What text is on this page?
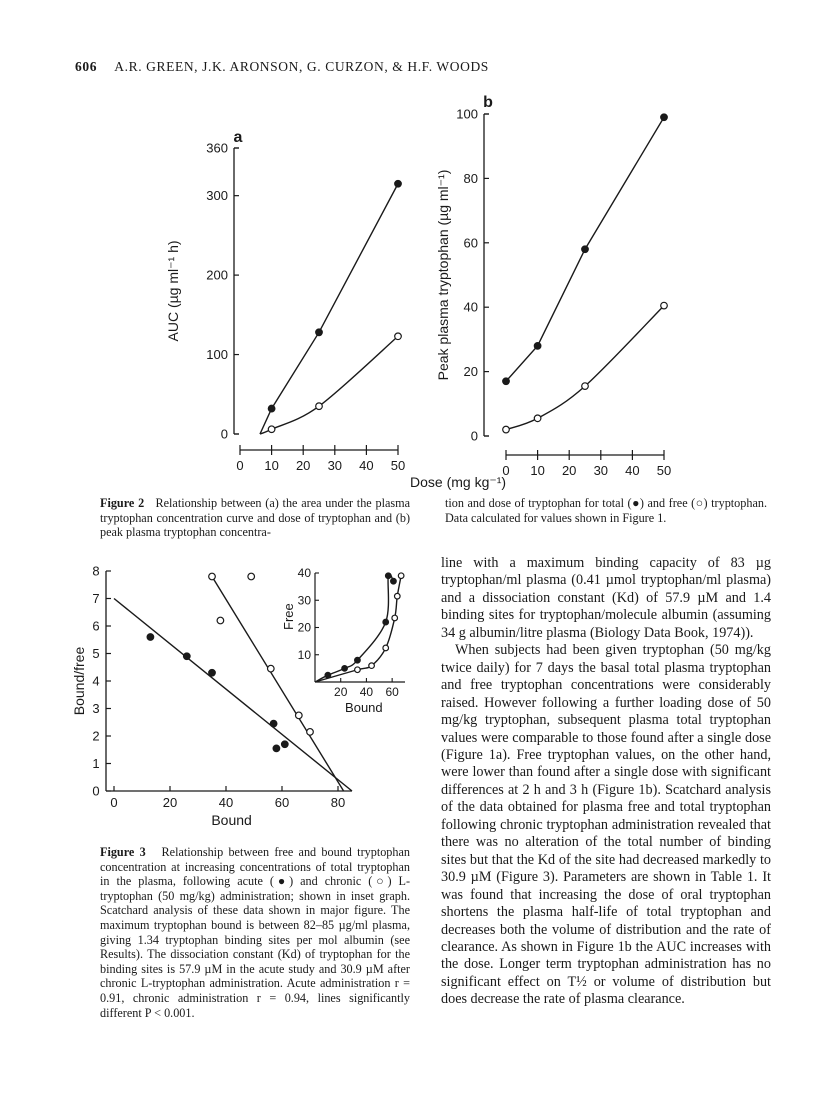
606 A.R. GREEN, J.K. ARONSON, G. CURZON, & H.F. WOODS
0
100
200
300
360
0 10 20 30 40 50
a
AUC (µg ml⁻¹ h)
0
20
40
60
80
100
0 10 20 30 40 50
b
Peak plasma tryptophan (µg ml⁻¹)
Dose (mg kg⁻¹)
Figure 2 Relationship between (a) the area under the plasma tryptophan concentration curve and dose of tryptophan and (b) peak plasma tryptophan concentra-
tion and dose of tryptophan for total (●) and free (○) tryptophan. Data calculated for values shown in Figure 1.
0
1
2
3
4
5
6
7
8
0	20	40	60	80
Bound
Bound/free	10
20
30
40
20 40 60
Bound
Free
Figure 3 Relationship between free and bound tryptophan concentration at increasing concentrations of total tryptophan in the plasma, following acute (●) and chronic (○) L-tryptophan (50 mg/kg) administration; shown in inset graph. Scatchard analysis of these data shown in major figure. The maximum tryptophan bound is between 82–85 µg/ml plasma, giving 1.34 tryptophan binding sites per mol albumin (see Results). The dissociation constant (Kd) of tryptophan for the binding sites is 57.9 µM in the acute study and 30.9 µM after chronic L-tryptophan administration. Acute administration r = 0.91, chronic administration r = 0.94, lines significantly different P < 0.001.

line with a maximum binding capacity of 83 µg tryptophan/ml plasma (0.41 µmol tryptophan/ml plasma) and a dissociation constant (Kd) of 57.9 µM and 1.4 binding sites for tryptophan/molecule albumin (assuming 34 g albumin/litre plasma (Biology Data Book, 1974)).

When subjects had been given tryptophan (50 mg/kg twice daily) for 7 days the basal total plasma tryptophan and free tryptophan concentrations were considerably raised. However following a further loading dose of 50 mg/kg tryptophan, subsequent plasma total tryptophan values were comparable to those found after a single dose (Figure 1a). Free tryptophan values, on the other hand, were lower than found after a single dose with significant differences at 2 h and 3 h (Figure 1b). Scatchard analysis of the data obtained for plasma free and total tryptophan following chronic tryptophan administration revealed that there was no alteration of the total number of binding sites but that the Kd of the site had decreased markedly to 30.9 µM (Figure 3). Parameters are shown in Table 1. It was found that increasing the dose of oral tryptophan shortens the plasma half-life of total tryptophan and decreases both the volume of distribution and the rate of clearance. As shown in Figure 1b the AUC increases with the dose. Longer term tryptophan administration has no significant effect on T½ or volume of distribution but does decrease the rate of plasma clearance.
